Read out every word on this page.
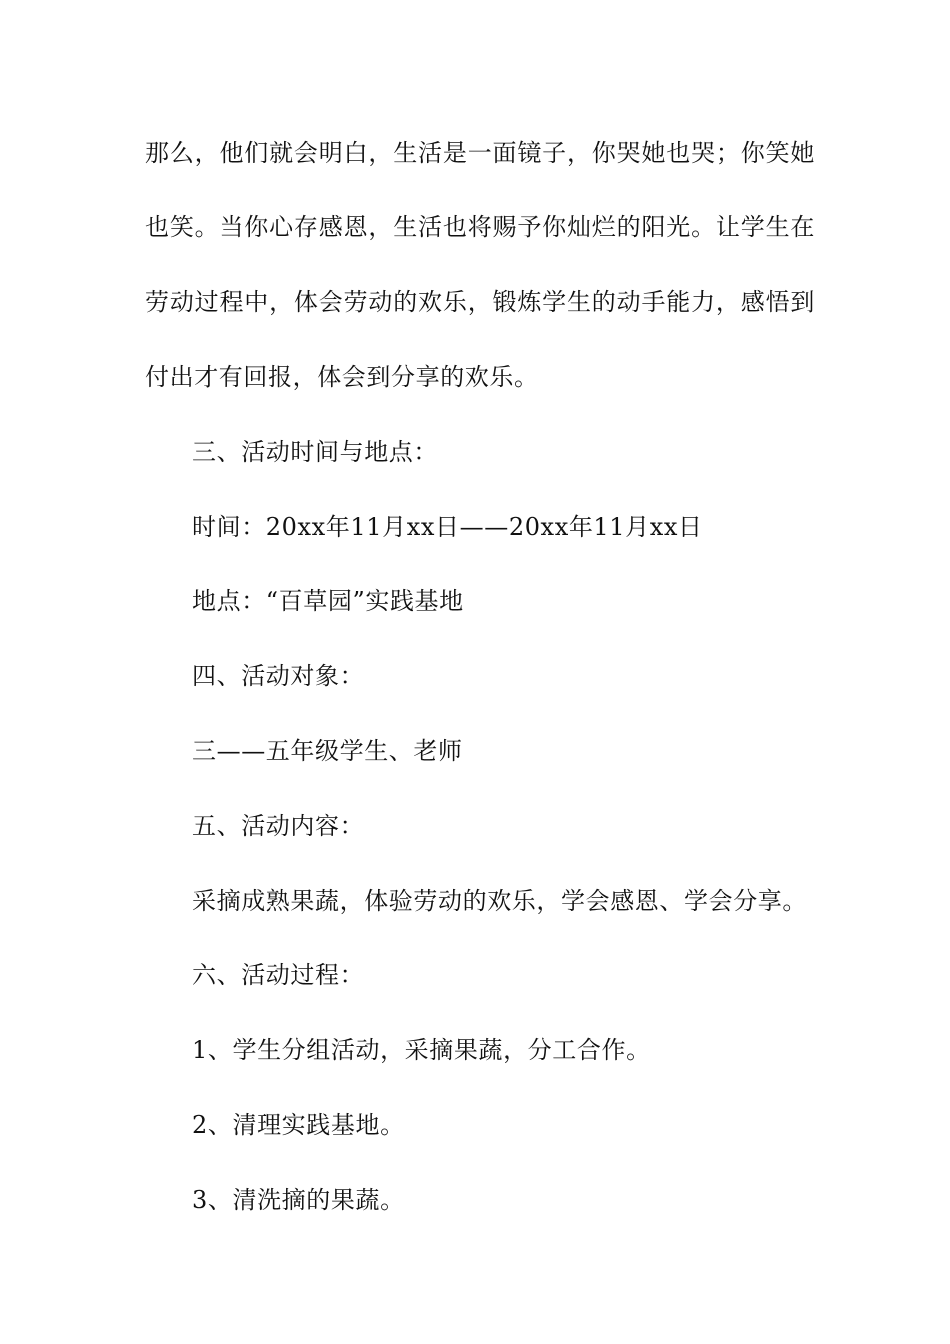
那么，他们就会明白，生活是一面镜子，你哭她也哭；你笑她
也笑。当你心存感恩，生活也将赐予你灿烂的阳光。让学生在
劳动过程中，体会劳动的欢乐，锻炼学生的动手能力，感悟到
付出才有回报，体会到分享的欢乐。
三、活动时间与地点：
时间：20xx年11月xx日——20xx年11月xx日
地点：“百草园”实践基地
四、活动对象：
三——五年级学生、老师
五、活动内容：
采摘成熟果蔬，体验劳动的欢乐，学会感恩、学会分享。
六、活动过程：
1、学生分组活动，采摘果蔬，分工合作。
2、清理实践基地。
3、清洗摘的果蔬。
